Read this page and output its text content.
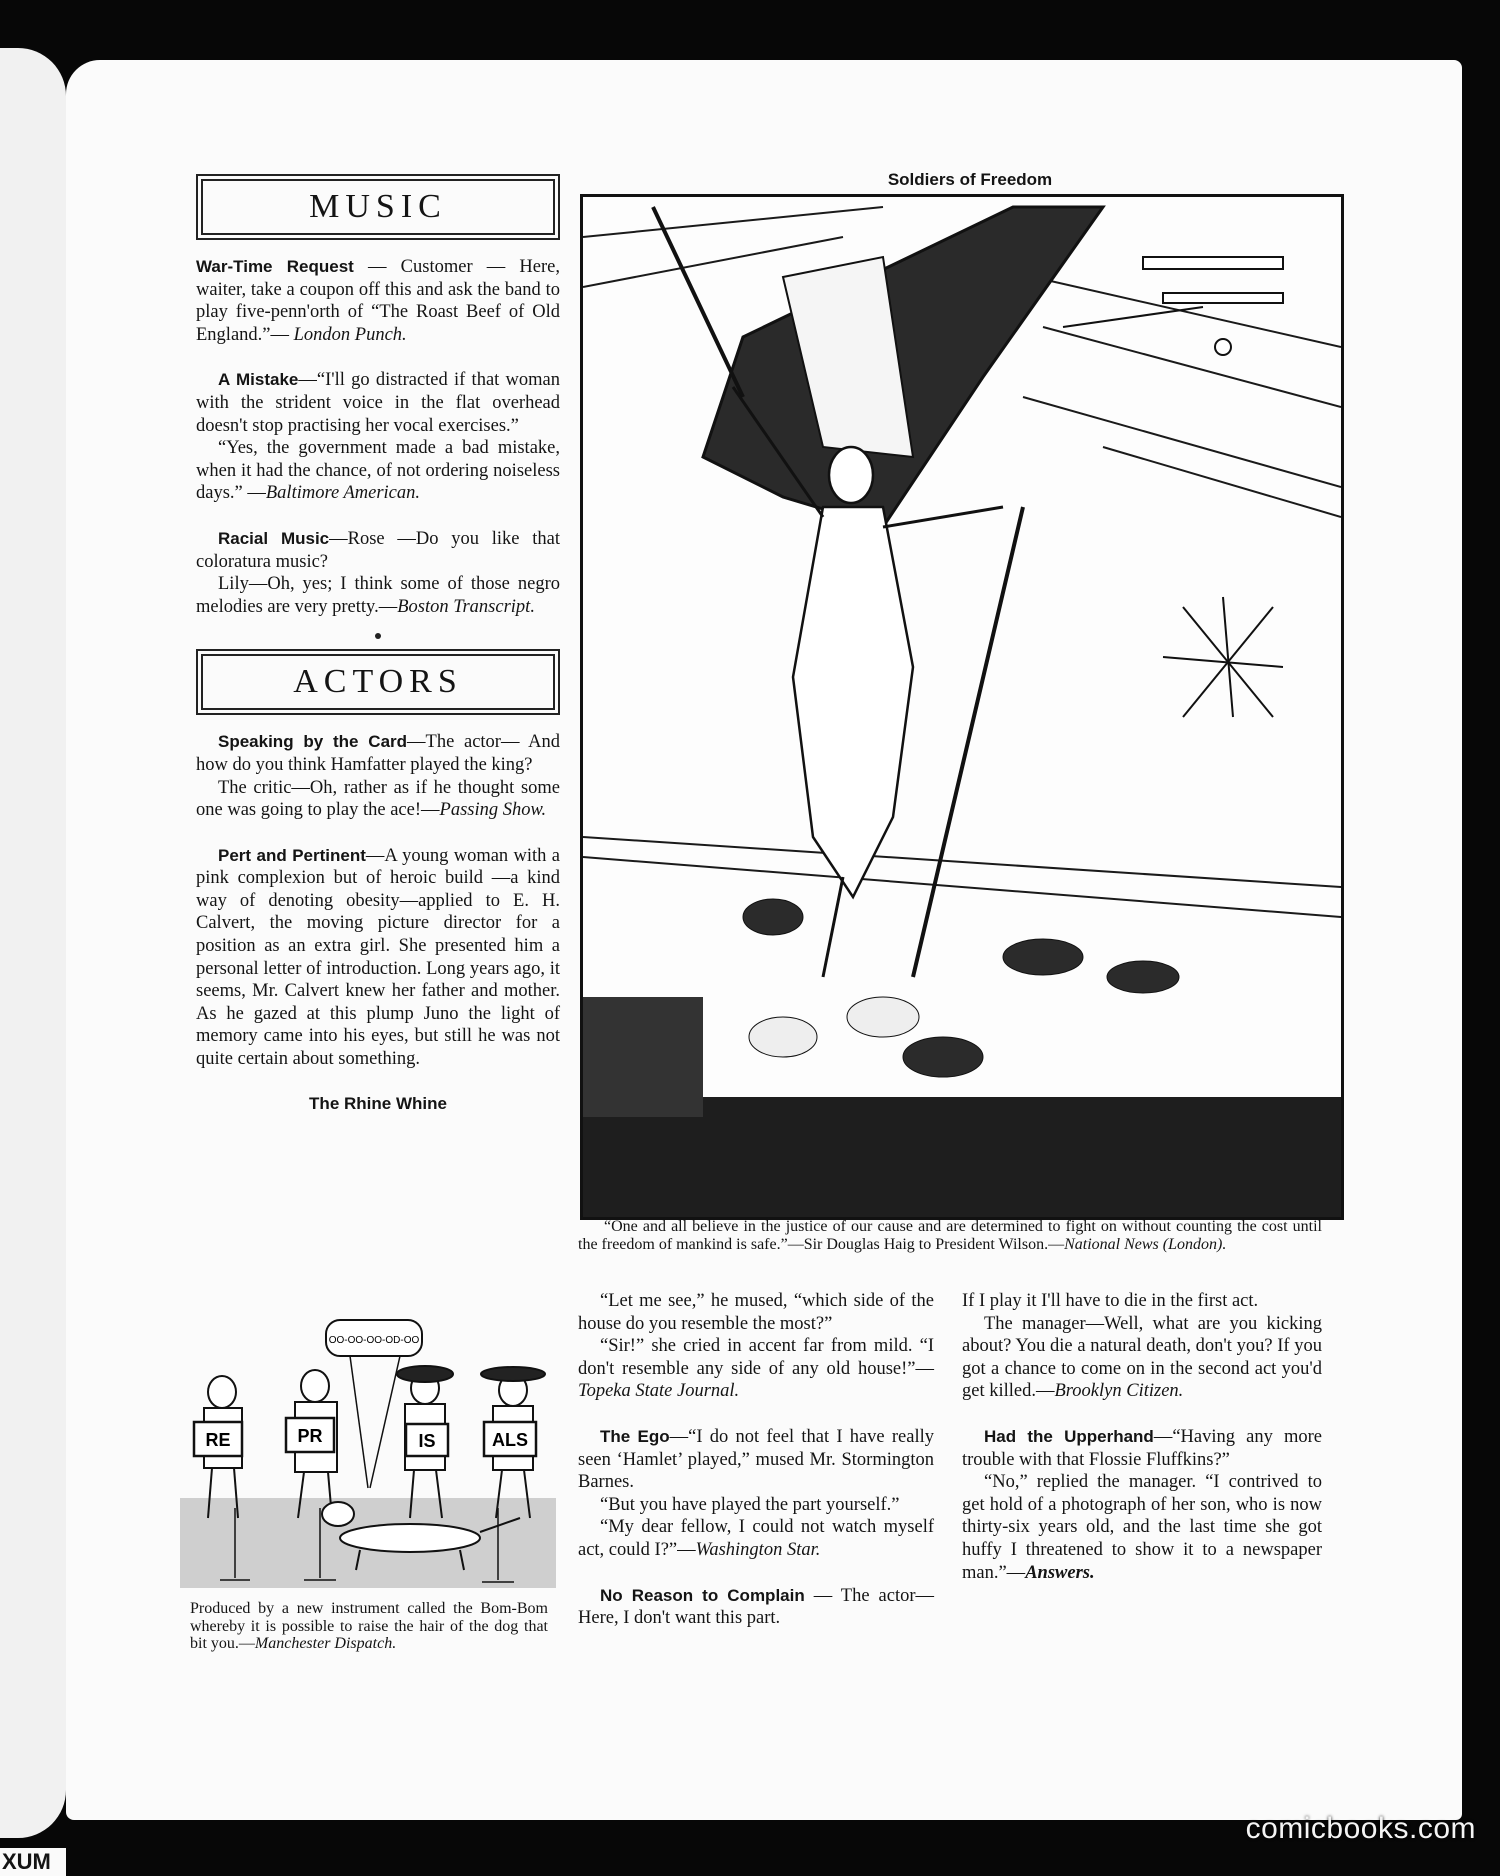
MUSIC
War-Time Request — Customer — Here, waiter, take a coupon off this and ask the band to play five-penn'orth of “The Roast Beef of Old England.”— London Punch.

A Mistake—“I'll go distracted if that woman with the strident voice in the flat overhead doesn't stop practising her vocal exercises.”

“Yes, the government made a bad mistake, when it had the chance, of not ordering noiseless days.” —Baltimore American.

Racial Music—Rose —Do you like that coloratura music?

Lily—Oh, yes; I think some of those negro melodies are very pretty.—Boston Transcript.

ACTORS

Speaking by the Card—The actor— And how do you think Hamfatter played the king?

The critic—Oh, rather as if he thought some one was going to play the ace!—Passing Show.

Pert and Pertinent—A young woman with a pink complexion but of heroic build —a kind way of denoting obesity—applied to E. H. Calvert, the moving picture director for a position as an extra girl. She presented him a personal letter of introduction. Long years ago, it seems, Mr. Calvert knew her father and mother. As he gazed at this plump Juno the light of memory came into his eyes, but still he was not quite certain about something.

The Rhine Whine
OO-OO-OO-OD-OO
RE	PR	IS	ALS
Produced by a new instrument called the Bom-Bom whereby it is possible to raise the hair of the dog that bit you.—Manchester Dispatch.
Soldiers of Freedom
“One and all believe in the justice of our cause and are determined to fight on without counting the cost until the freedom of mankind is safe.”—Sir Douglas Haig to President Wilson.—National News (London).

“Let me see,” he mused, “which side of the house do you resemble the most?”

“Sir!” she cried in accent far from mild. “I don't resemble any side of any old house!”—Topeka State Journal.

The Ego—“I do not feel that I have really seen ‘Hamlet’ played,” mused Mr. Stormington Barnes.

“But you have played the part yourself.”

“My dear fellow, I could not watch myself act, could I?”—Washington Star.

No Reason to Complain — The actor—Here, I don't want this part.

If I play it I'll have to die in the first act.

The manager—Well, what are you kicking about? You die a natural death, don't you? If you got a chance to come on in the second act you'd get killed.—Brooklyn Citizen.

Had the Upperhand—“Having any more trouble with that Flossie Fluffkins?”

“No,” replied the manager. “I contrived to get hold of a photograph of her son, who is now thirty-six years old, and the last time she got huffy I threatened to show it to a newspaper man.”—Answers.

XUM
comicbooks.com
